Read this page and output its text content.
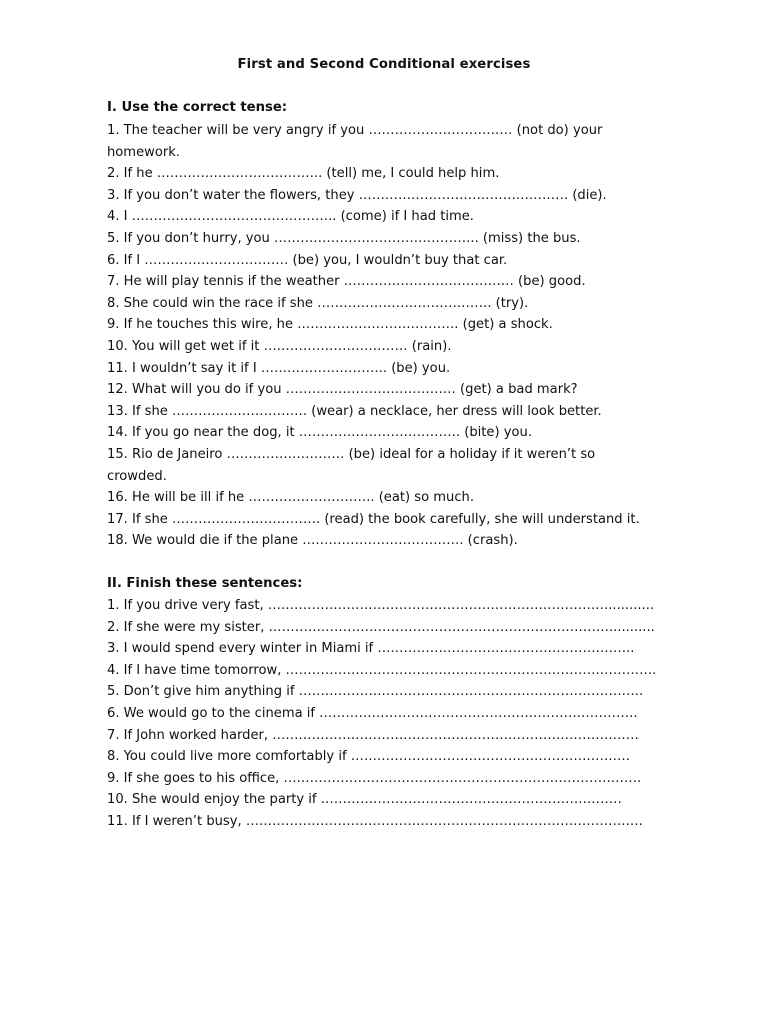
First and Second Conditional exercises
I. Use the correct tense:
1. The teacher will be very angry if you …………………………… (not do) your
homework.
2. If he ……………………………….. (tell) me, I could help him.
3. If you don’t water the flowers, they ………………………………………… (die).
4. I ……………………………………….. (come) if I had time.
5. If you don’t hurry, you ……………………………………….. (miss) the bus.
6. If I …………………………… (be) you, I wouldn’t buy that car.
7. He will play tennis if the weather ………………………………… (be) good.
8. She could win the race if she …………………………………. (try).
9. If he touches this wire, he ………………………………. (get) a shock.
10. You will get wet if it …………………………… (rain).
11. I wouldn’t say it if I ……………………….. (be) you.
12. What will you do if you ………………………………… (get) a bad mark?
13. If she …………………………. (wear) a necklace, her dress will look better.
14. If you go near the dog, it ………………………………. (bite) you.
15. Rio de Janeiro ……………………… (be) ideal for a holiday if it weren’t so
crowded.
16. He will be ill if he ……………………….. (eat) so much.
17. If she ……………………………. (read) the book carefully, she will understand it.
18. We would die if the plane ………………………………. (crash).
II. Finish these sentences:
1. If you drive very fast, ……………………………………………………………………...........
2. If she were my sister, ……………………………………………………………………...........
3. I would spend every winter in Miami if …………………………………………………..
4. If I have time tomorrow, ………………………………………………………………………….
5. Don’t give him anything if …………………………………………………………………….
6. We would go to the cinema if ……………………………………………………………….
7. If John worked harder, …………………………………………………………………………
8. You could live more comfortably if ……………………………………………………….
9. If she goes to his office, ……………………………………………………………………….
10. She would enjoy the party if ……………………………………………………………
11. If I weren’t busy, ……………………………………………………………………………….
